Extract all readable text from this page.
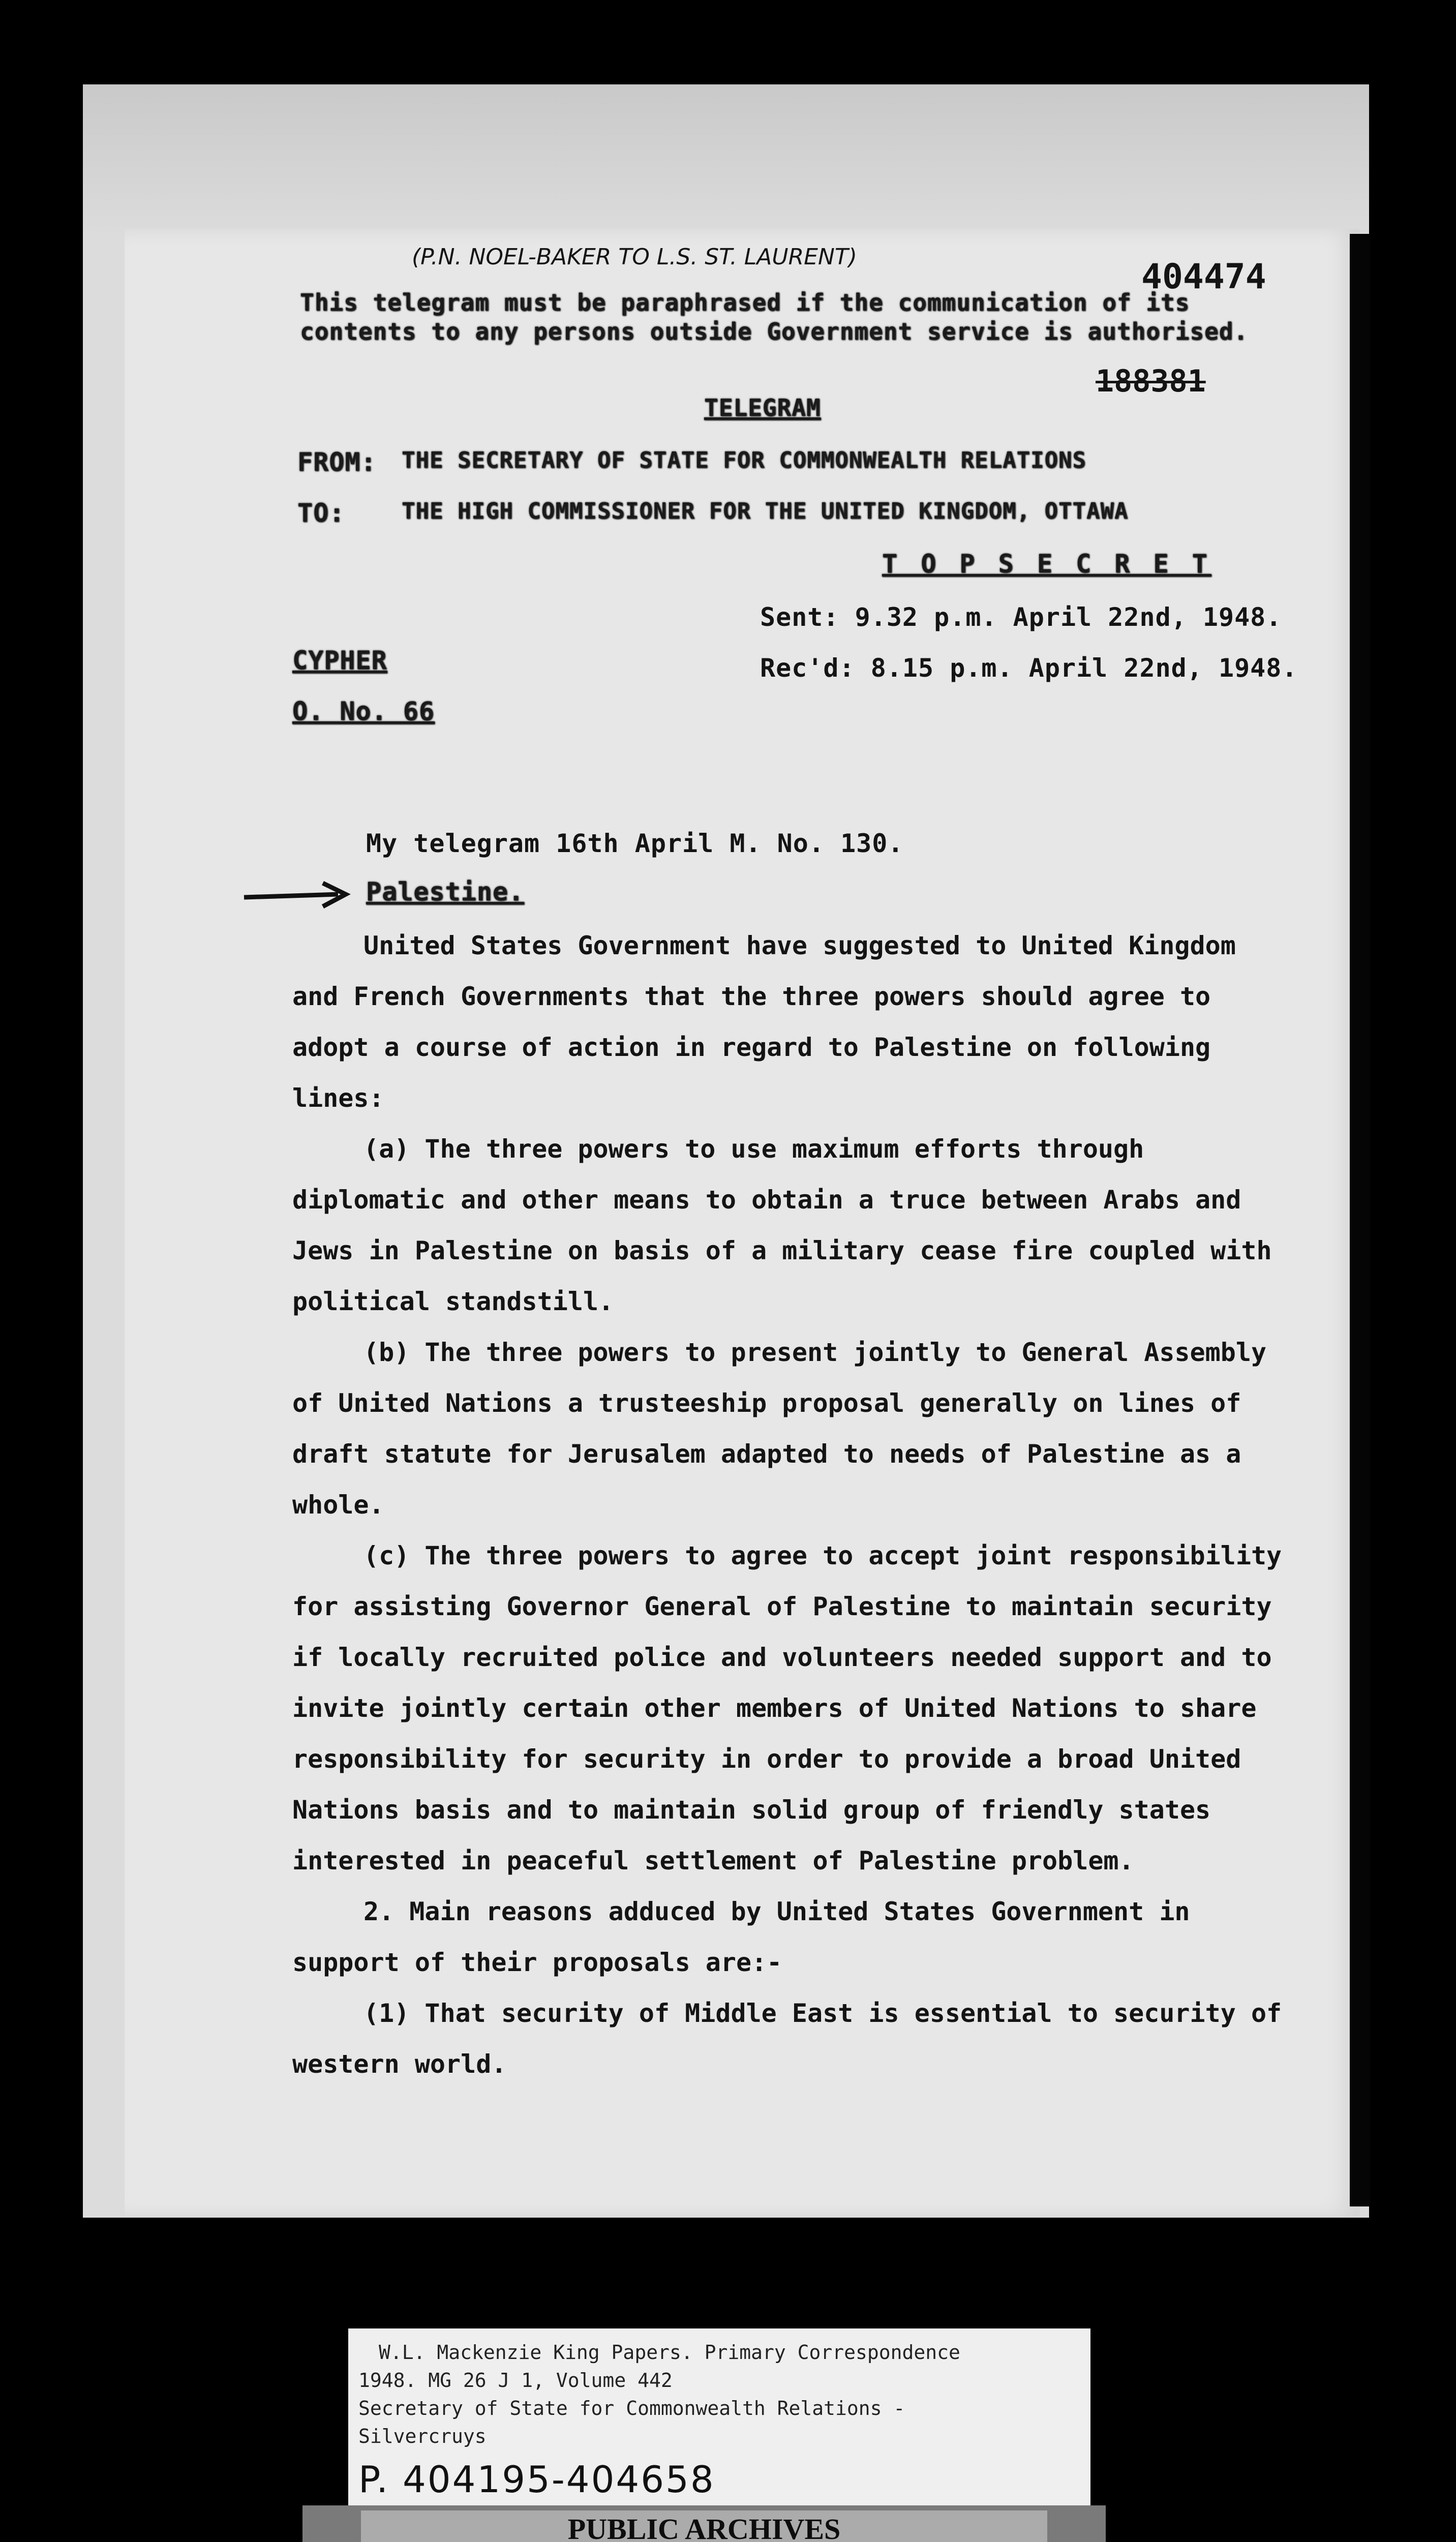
(P.N. NOEL-BAKER TO L.S. ST. LAURENT)	404474
This telegram must be paraphrased if the communication of its
contents to any persons outside Government service is authorised.
188381
TELEGRAM
FROM: THE SECRETARY OF STATE FOR COMMONWEALTH RELATIONS
TO:	THE HIGH COMMISSIONER FOR THE UNITED KINGDOM, OTTAWA
T O P S E C R E T
Sent: 9.32 p.m. April 22nd, 1948.
CYPHER	Rec'd: 8.15 p.m. April 22nd, 1948.
O. No. 66
My telegram 16th April M. No. 130.
Palestine.

United States Government have suggested to United Kingdom and French Governments that the three powers should agree to adopt a course of action in regard to Palestine on following lines:

(a) The three powers to use maximum efforts through diplomatic and other means to obtain a truce between Arabs and Jews in Palestine on basis of a military cease fire coupled with political standstill.

(b) The three powers to present jointly to General Assembly of United Nations a trusteeship proposal generally on lines of draft statute for Jerusalem adapted to needs of Palestine as a whole.

(c) The three powers to agree to accept joint responsibility for assisting Governor General of Palestine to maintain security if locally recruited police and volunteers needed support and to invite jointly certain other members of United Nations to share responsibility for security in order to provide a broad United Nations basis and to maintain solid group of friendly states interested in peaceful settlement of Palestine problem.

2. Main reasons adduced by United States Government in support of their proposals are:-

(1) That security of Middle East is essential to security of western world.

W.L. Mackenzie King Papers. Primary Correspondence
1948. MG 26 J 1, Volume 442
Secretary of State for Commonwealth Relations -
Silvercruys
P. 404195-404658
PUBLIC ARCHIVES
